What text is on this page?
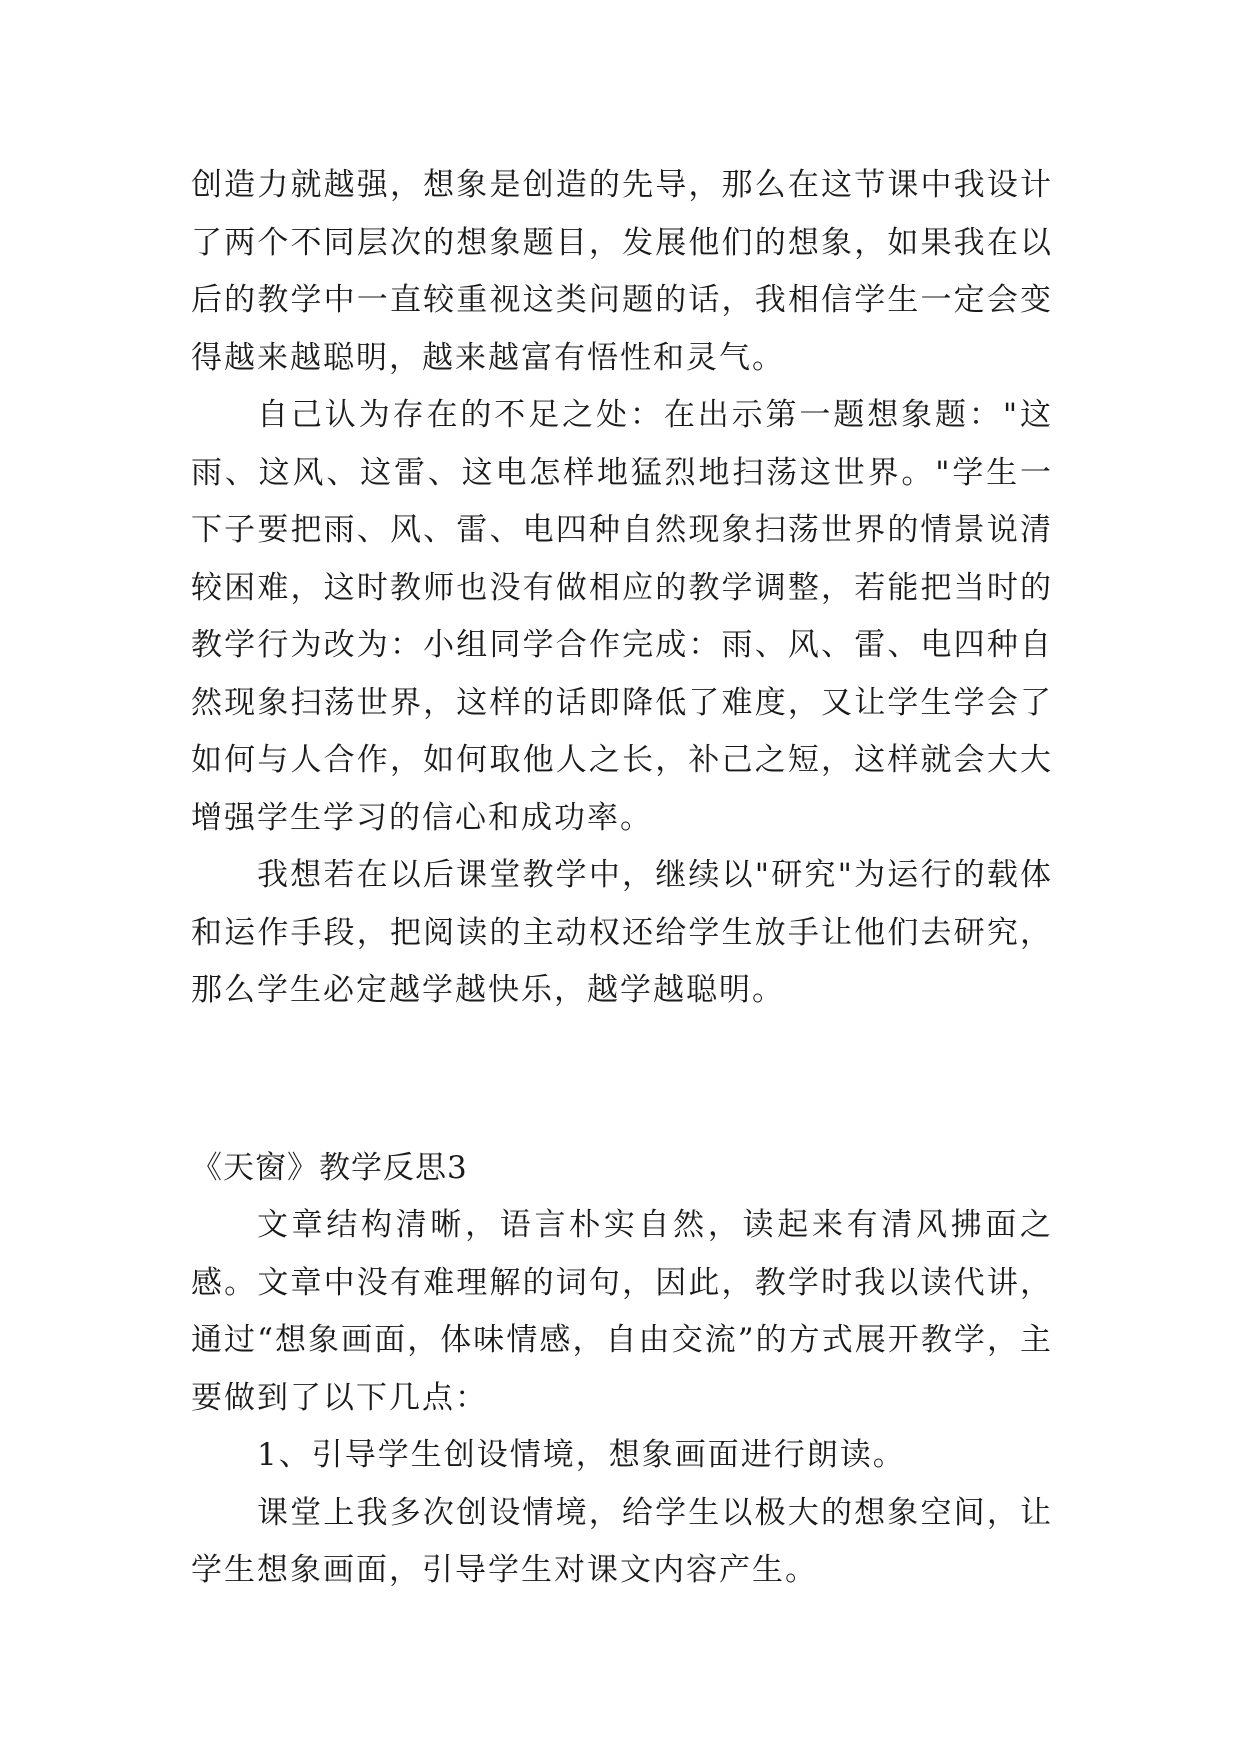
创造力就越强，想象是创造的先导，那么在这节课中我设计了两个不同层次的想象题目，发展他们的想象，如果我在以后的教学中一直较重视这类问题的话，我相信学生一定会变得越来越聪明，越来越富有悟性和灵气。

自己认为存在的不足之处：在出示第一题想象题："这雨、这风、这雷、这电怎样地猛烈地扫荡这世界。"学生一下子要把雨、风、雷、电四种自然现象扫荡世界的情景说清较困难，这时教师也没有做相应的教学调整，若能把当时的教学行为改为：小组同学合作完成：雨、风、雷、电四种自然现象扫荡世界，这样的话即降低了难度，又让学生学会了如何与人合作，如何取他人之长，补己之短，这样就会大大增强学生学习的信心和成功率。

我想若在以后课堂教学中，继续以"研究"为运行的载体和运作手段，把阅读的主动权还给学生放手让他们去研究，那么学生必定越学越快乐，越学越聪明。

《天窗》教学反思3

文章结构清晰，语言朴实自然，读起来有清风拂面之感。文章中没有难理解的词句，因此，教学时我以读代讲，通过“想象画面，体味情感，自由交流”的方式展开教学，主要做到了以下几点：

1、引导学生创设情境，想象画面进行朗读。

课堂上我多次创设情境，给学生以极大的想象空间，让学生想象画面，引导学生对课文内容产生。
